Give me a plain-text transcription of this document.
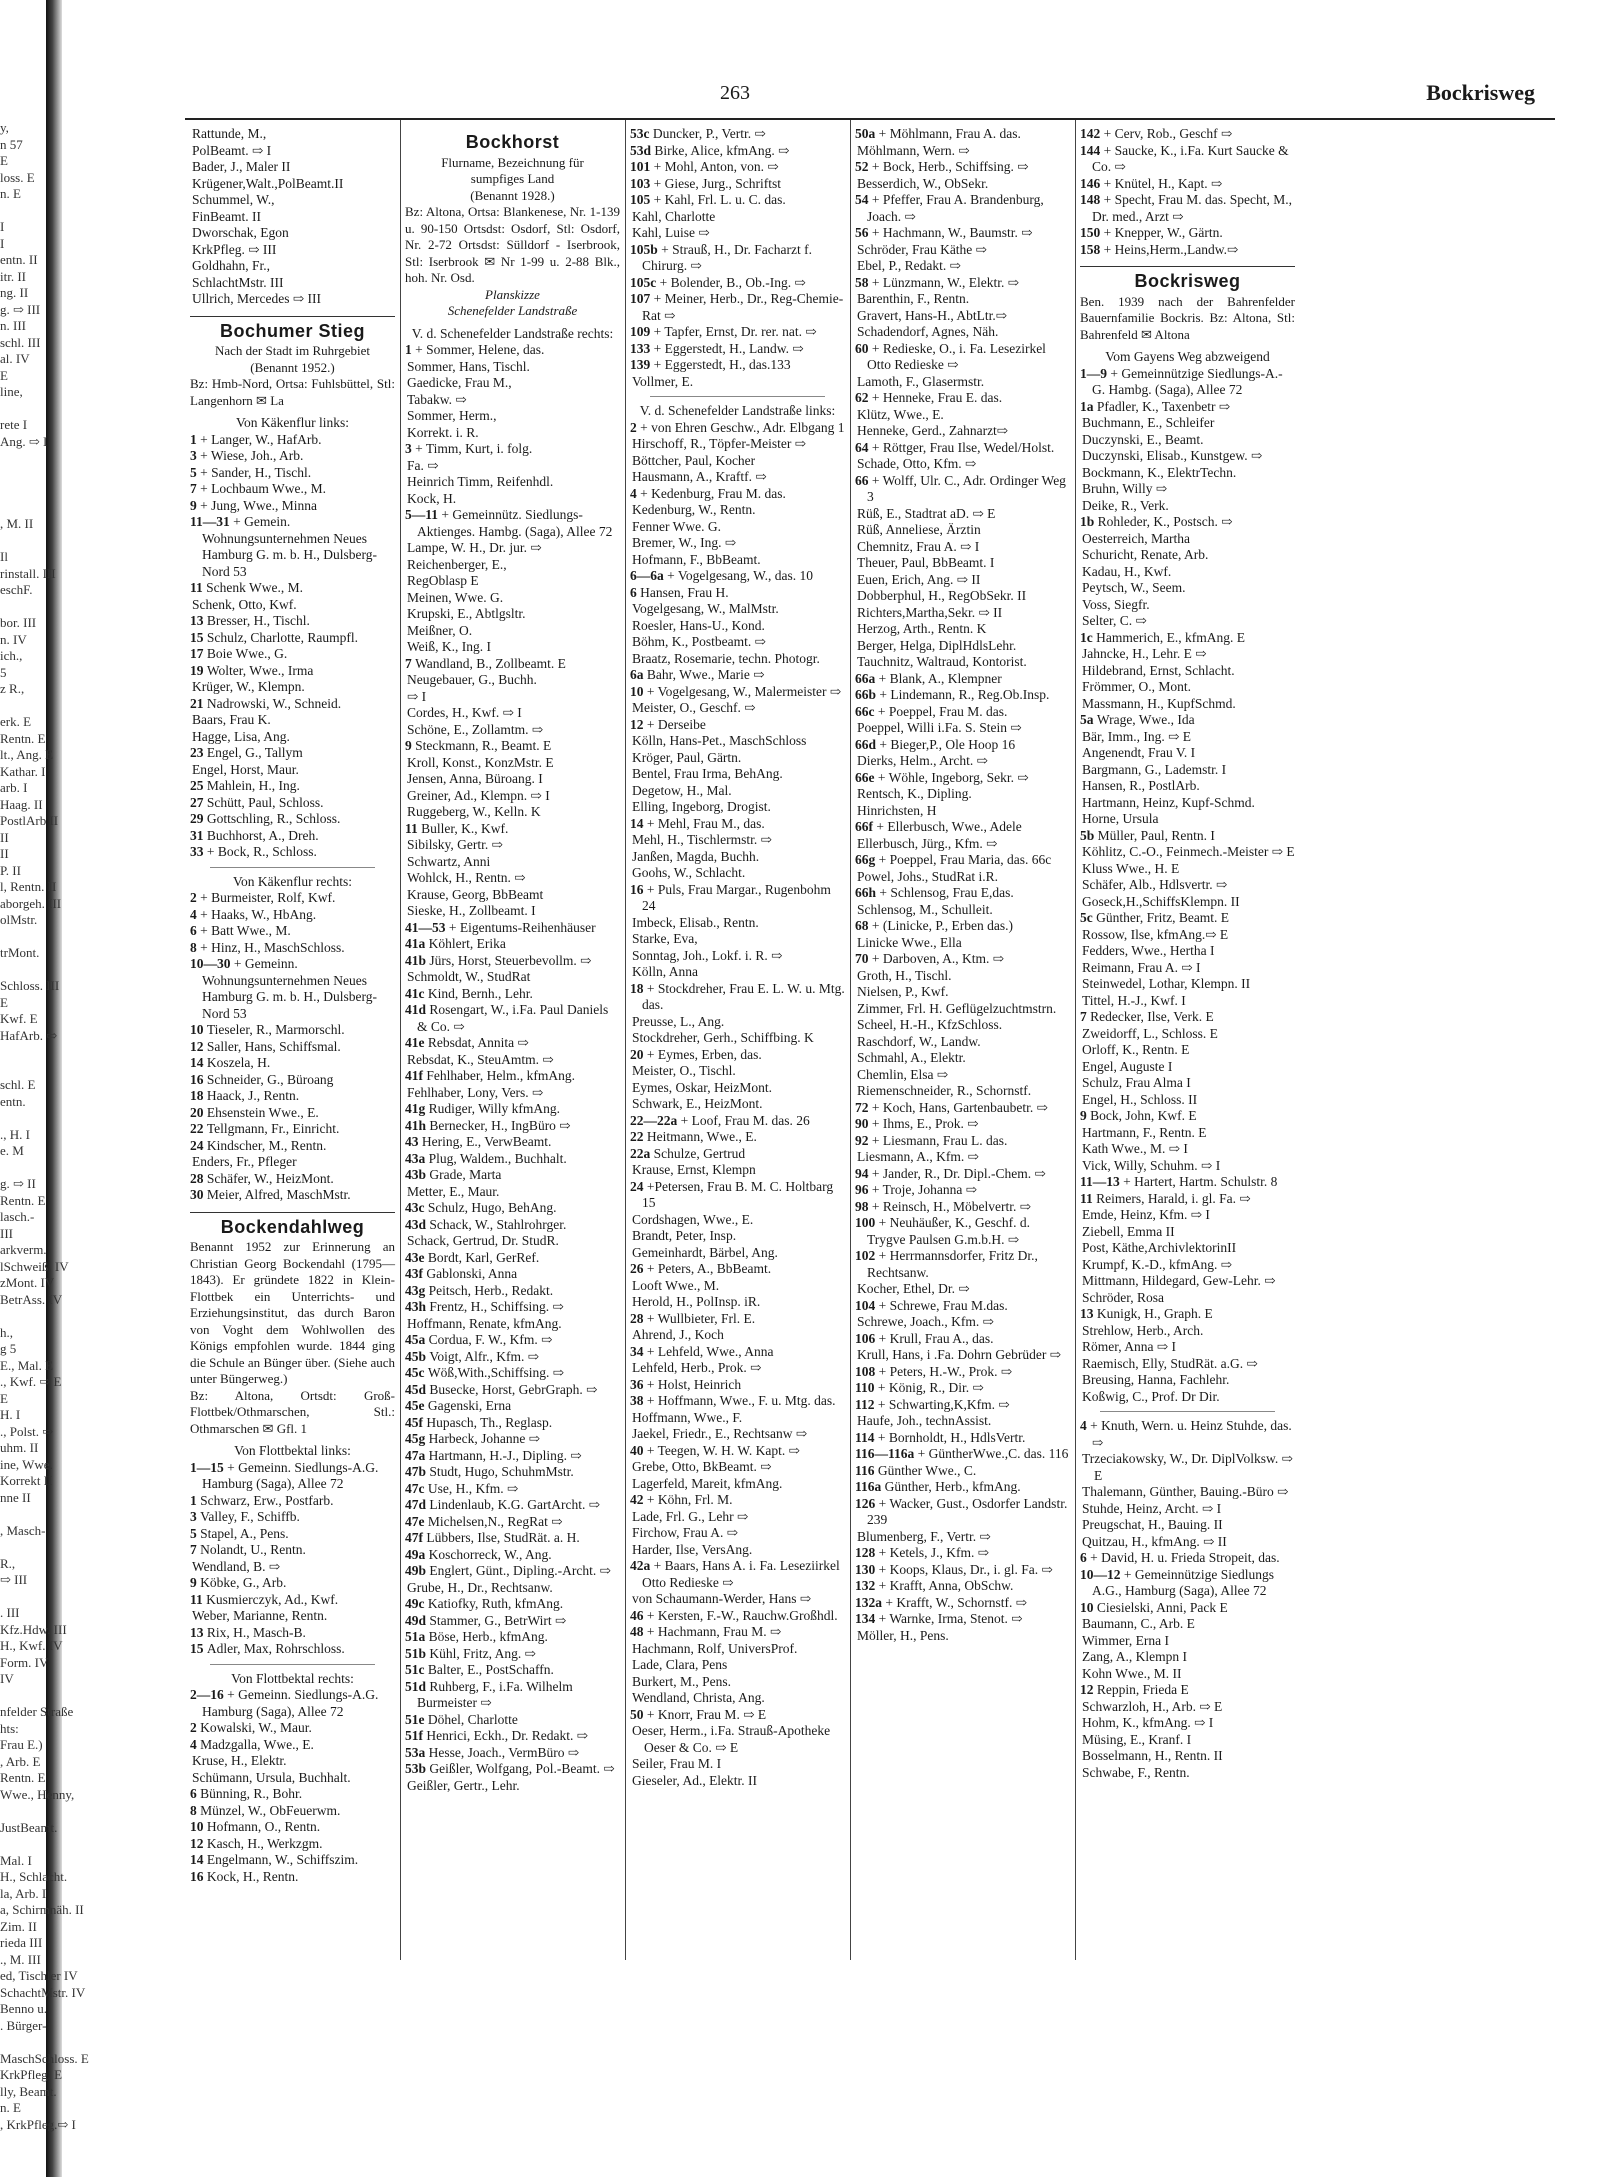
y,
n 57
E
loss. E
n. E

I
I
entn. II
itr. II
ng. II
g. ⇨ III
n. III
schl. III
al. IV
E
line,

rete I
Ang. ⇨ I

, M. II

Il
rinstall. III
eschF.

bor. III
n. IV
ich.,
5
z R.,

erk. E
Rentn. E
lt., Ang. E
Kathar. I
arb. I
Haag. II
PostlArb II
II
II
P. II
l, Rentn. II
aborgeh. III
olMstr.

trMont.

Schloss. III
E
Kwf. E
HafArb. ⇨

schl. E
entn.

., H. I
e. M

g. ⇨ II
Rentn. E
lasch.-
III
arkverm.
lSchweiß. IV
zMont. IV
BetrAss. IV

h.,
g 5
E., Mal. E
., Kwf. ⇨ E
E
H. I
., Polst. ⇨
uhm. II
ine, Wwe.
Korrekt II
nne II

, Masch-

R.,
⇨ III

. III
Kfz.Hdw. III
H., Kwf. IV
Form. IV
IV

nfelder Straße
hts:
Frau E.)
, Arb. E
Rentn. E
Wwe., Henny,

JustBeamt.

Mal. I
H., Schlacht.
la, Arb. I
a, Schirmnäh. II
Zim. II
rieda III
., M. III
ed, Tischler IV
SchachtMstr. IV
Benno u.
. Bürger-

MaschSchloss. E
KrkPfleg. E
lly, Beamt.
n. E
, KrkPfleg.⇨ I
263	Bockrisweg
Rattunde, M.,
PolBeamt. ⇨ I
Bader, J., Maler II
Krügener,Walt.,PolBeamt.II
Schummel, W.,
FinBeamt. II
Dworschak, Egon
KrkPfleg. ⇨ III
Goldhahn, Fr.,
SchlachtMstr. III
Ullrich, Mercedes ⇨ III
Bochumer Stieg
Nach der Stadt im Ruhrgebiet
(Benannt 1952.)
Bz: Hmb-Nord, Ortsa: Fuhlsbüttel, Stl: Langenhorn ✉ La
Von Käkenflur links:
1 + Langer, W., HafArb.
3 + Wiese, Joh., Arb.
5 + Sander, H., Tischl.
7 + Lochbaum Wwe., M.
9 + Jung, Wwe., Minna
11—31 + Gemein. Wohnungsunternehmen Neues Hamburg G. m. b. H., Dulsberg-Nord 53
11 Schenk Wwe., M.
Schenk, Otto, Kwf.
13 Bresser, H., Tischl.
15 Schulz, Charlotte, Raumpfl.
17 Boie Wwe., G.
19 Wolter, Wwe., Irma
Krüger, W., Klempn.
21 Nadrowski, W., Schneid.
Baars, Frau K.
Hagge, Lisa, Ang.
23 Engel, G., Tallym
Engel, Horst, Maur.
25 Mahlein, H., Ing.
27 Schütt, Paul, Schloss.
29 Gottschling, R., Schloss.
31 Buchhorst, A., Dreh.
33 + Bock, R., Schloss.
Von Käkenflur rechts:
2 + Burmeister, Rolf, Kwf.
4 + Haaks, W., HbAng.
6 + Batt Wwe., M.
8 + Hinz, H., MaschSchloss.
10—30 + Gemeinn. Wohnungsunternehmen Neues Hamburg G. m. b. H., Dulsberg-Nord 53
10 Tieseler, R., Marmorschl.
12 Saller, Hans, Schiffsmal.
14 Koszela, H.
16 Schneider, G., Büroang
18 Haack, J., Rentn.
20 Ehsenstein Wwe., E.
22 Tellgmann, Fr., Einricht.
24 Kindscher, M., Rentn.
Enders, Fr., Pfleger
28 Schäfer, W., HeizMont.
30 Meier, Alfred, MaschMstr.
Bockendahlweg
Benannt 1952 zur Erinnerung an Christian Georg Bockendahl (1795—1843). Er gründete 1822 in Klein-Flottbek ein Unterrichts- und Erziehungsinstitut, das durch Baron von Voght dem Wohlwollen des Königs empfohlen wurde. 1844 ging die Schule an Bünger über. (Siehe auch unter Büngerweg.)
Bz: Altona, Ortsdt: Groß-Flottbek/Othmarschen, Stl.: Othmarschen ✉ Gfl. 1
Von Flottbektal links:
1—15 + Gemeinn. Siedlungs-A.G. Hamburg (Saga), Allee 72
1 Schwarz, Erw., Postfarb.
3 Valley, F., Schiffb.
5 Stapel, A., Pens.
7 Nolandt, U., Rentn.
Wendland, B. ⇨
9 Köbke, G., Arb.
11 Kusmierczyk, Ad., Kwf.
Weber, Marianne, Rentn.
13 Rix, H., Masch-B.
15 Adler, Max, Rohrschloss.
Von Flottbektal rechts:
2—16 + Gemeinn. Siedlungs-A.G. Hamburg (Saga), Allee 72
2 Kowalski, W., Maur.
4 Madzgalla, Wwe., E.
Kruse, H., Elektr.
Schümann, Ursula, Buchhalt.
6 Bünning, R., Bohr.
8 Münzel, W., ObFeuerwm.
10 Hofmann, O., Rentn.
12 Kasch, H., Werkzgm.
14 Engelmann, W., Schiffszim.
16 Kock, H., Rentn.
Bockhorst
Flurname, Bezeichnung für
sumpfiges Land
(Benannt 1928.)
Bz: Altona, Ortsa: Blankenese, Nr. 1-139 u. 90-150 Ortsdst: Osdorf, Stl: Osdorf, Nr. 2-72 Ortsdst: Sülldorf - Iserbrook, Stl: Iserbrook ✉ Nr 1-99 u. 2-88 Blk., hoh. Nr. Osd.
Planskizze
Schenefelder Landstraße
V. d. Schenefelder Landstraße rechts:
1 + Sommer, Helene, das.
Sommer, Hans, Tischl.
Gaedicke, Frau M.,
Tabakw. ⇨
Sommer, Herm.,
Korrekt. i. R.
3 + Timm, Kurt, i. folg.
Fa. ⇨
Heinrich Timm, Reifenhdl.
Kock, H.
5—11 + Gemeinnütz. Siedlungs-Aktienges. Hambg. (Saga), Allee 72
Lampe, W. H., Dr. jur. ⇨
Reichenberger, E.,
RegOblasp E
Meinen, Wwe. G.
Krupski, E., Abtlgsltr.
Meißner, O.
Weiß, K., Ing. I
7 Wandland, B., Zollbeamt. E
Neugebauer, G., Buchh.
⇨ I
Cordes, H., Kwf. ⇨ I
Schöne, E., Zollamtm. ⇨
9 Steckmann, R., Beamt. E
Kroll, Konst., KonzMstr. E
Jensen, Anna, Büroang. I
Greiner, Ad., Klempn. ⇨ I
Ruggeberg, W., Kelln. K
11 Buller, K., Kwf.
Sibilsky, Gertr. ⇨
Schwartz, Anni
Wohlck, H., Rentn. ⇨
Krause, Georg, BbBeamt
Sieske, H., Zollbeamt. I
41—53 + Eigentums-Reihenhäuser
41a Köhlert, Erika
41b Jürs, Horst, Steuerbevollm. ⇨
Schmoldt, W., StudRat
41c Kind, Bernh., Lehr.
41d Rosengart, W., i.Fa. Paul Daniels & Co. ⇨
41e Rebsdat, Annita ⇨
Rebsdat, K., SteuAmtm. ⇨
41f Fehlhaber, Helm., kfmAng.
Fehlhaber, Lony, Vers. ⇨
41g Rudiger, Willy kfmAng.
41h Bernecker, H., IngBüro ⇨
43 Hering, E., VerwBeamt.
43a Plug, Waldem., Buchhalt.
43b Grade, Marta
Metter, E., Maur.
43c Schulz, Hugo, BehAng.
43d Schack, W., Stahlrohrger.
Schack, Gertrud, Dr. StudR.
43e Bordt, Karl, GerRef.
43f Gablonski, Anna
43g Peitsch, Herb., Redakt.
43h Frentz, H., Schiffsing. ⇨
Hoffmann, Renate, kfmAng.
45a Cordua, F. W., Kfm. ⇨
45b Voigt, Alfr., Kfm. ⇨
45c Wöß,With.,Schiffsing. ⇨
45d Busecke, Horst, GebrGraph. ⇨
45e Gagenski, Erna
45f Hupasch, Th., Reglasp.
45g Harbeck, Johanne ⇨
47a Hartmann, H.-J., Dipling. ⇨
47b Studt, Hugo, SchuhmMstr.
47c Use, H., Kfm. ⇨
47d Lindenlaub, K.G. GartArcht. ⇨
47e Michelsen,N., RegRat ⇨
47f Lübbers, Ilse, StudRät. a. H.
49a Koschorreck, W., Ang.
49b Englert, Günt., Dipling.-Archt. ⇨
Grube, H., Dr., Rechtsanw.
49c Katiofky, Ruth, kfmAng.
49d Stammer, G., BetrWirt ⇨
51a Böse, Herb., kfmAng.
51b Kühl, Fritz, Ang. ⇨
51c Balter, E., PostSchaffn.
51d Ruhberg, F., i.Fa. Wilhelm Burmeister ⇨
51e Döhel, Charlotte
51f Henrici, Eckh., Dr. Redakt. ⇨
53a Hesse, Joach., VermBüro ⇨
53b Geißler, Wolfgang, Pol.-Beamt. ⇨
Geißler, Gertr., Lehr.
53c Duncker, P., Vertr. ⇨
53d Birke, Alice, kfmAng. ⇨
101 + Mohl, Anton, von. ⇨
103 + Giese, Jurg., Schriftst
105 + Kahl, Frl. L. u. C. das.
Kahl, Charlotte
Kahl, Luise ⇨
105b + Strauß, H., Dr. Facharzt f. Chirurg. ⇨
105c + Bolender, B., Ob.-Ing. ⇨
107 + Meiner, Herb., Dr., Reg-Chemie-Rat ⇨
109 + Tapfer, Ernst, Dr. rer. nat. ⇨
133 + Eggerstedt, H., Landw. ⇨
139 + Eggerstedt, H., das.133
Vollmer, E.
V. d. Schenefelder Landstraße links:
2 + von Ehren Geschw., Adr. Elbgang 1
Hirschoff, R., Töpfer-Meister ⇨
Böttcher, Paul, Kocher
Hausmann, A., Kraftf. ⇨
4 + Kedenburg, Frau M. das.
Kedenburg, W., Rentn.
Fenner Wwe. G.
Bremer, W., Ing. ⇨
Hofmann, F., BbBeamt.
6—6a + Vogelgesang, W., das. 10
6 Hansen, Frau H.
Vogelgesang, W., MalMstr.
Roesler, Hans-U., Kond.
Böhm, K., Postbeamt. ⇨
Braatz, Rosemarie, techn. Photogr.
6a Bahr, Wwe., Marie ⇨
10 + Vogelgesang, W., Malermeister ⇨
Meister, O., Geschf. ⇨
12 + Derseibe
Kölln, Hans-Pet., MaschSchloss
Kröger, Paul, Gärtn.
Bentel, Frau Irma, BehAng.
Degetow, H., Mal.
Elling, Ingeborg, Drogist.
14 + Mehl, Frau M., das.
Mehl, H., Tischlermstr. ⇨
Janßen, Magda, Buchh.
Goohs, W., Schlacht.
16 + Puls, Frau Margar., Rugenbohm 24
Imbeck, Elisab., Rentn.
Starke, Eva,
Sonntag, Joh., Lokf. i. R. ⇨
Kölln, Anna
18 + Stockdreher, Frau E. L. W. u. Mtg. das.
Preusse, L., Ang.
Stockdreher, Gerh., Schiffbing. K
20 + Eymes, Erben, das.
Meister, O., Tischl.
Eymes, Oskar, HeizMont.
Schwark, E., HeizMont.
22—22a + Loof, Frau M. das. 26
22 Heitmann, Wwe., E.
22a Schulze, Gertrud
Krause, Ernst, Klempn
24 +Petersen, Frau B. M. C. Holtbarg 15
Cordshagen, Wwe., E.
Brandt, Peter, Insp.
Gemeinhardt, Bärbel, Ang.
26 + Peters, A., BbBeamt.
Looft Wwe., M.
Herold, H., PolInsp. iR.
28 + Wullbieter, Frl. E.
Ahrend, J., Koch
34 + Lehfeld, Wwe., Anna
Lehfeld, Herb., Prok. ⇨
36 + Holst, Heinrich
38 + Hoffmann, Wwe., F. u. Mtg. das.
Hoffmann, Wwe., F.
Jaekel, Friedr., E., Rechtsanw ⇨
40 + Teegen, W. H. W. Kapt. ⇨
Grebe, Otto, BkBeamt. ⇨
Lagerfeld, Mareit, kfmAng.
42 + Köhn, Frl. M.
Lade, Frl. G., Lehr ⇨
Firchow, Frau A. ⇨
Harder, Ilse, VersAng.
42a + Baars, Hans A. i. Fa. Leseziirkel Otto Redieske ⇨
von Schaumann-Werder, Hans ⇨
46 + Kersten, F.-W., Rauchw.Großhdl.
48 + Hachmann, Frau M. ⇨
Hachmann, Rolf, UniversProf.
Lade, Clara, Pens
Burkert, M., Pens.
Wendland, Christa, Ang.
50 + Knorr, Frau M. ⇨ E
Oeser, Herm., i.Fa. Strauß-Apotheke Oeser & Co. ⇨ E
Seiler, Frau M. I
Gieseler, Ad., Elektr. II
50a + Möhlmann, Frau A. das.
Möhlmann, Wern. ⇨
52 + Bock, Herb., Schiffsing. ⇨
Besserdich, W., ObSekr.
54 + Pfeffer, Frau A. Brandenburg, Joach. ⇨
56 + Hachmann, W., Baumstr. ⇨
Schröder, Frau Käthe ⇨
Ebel, P., Redakt. ⇨
58 + Lünzmann, W., Elektr. ⇨
Barenthin, F., Rentn.
Gravert, Hans-H., AbtLtr.⇨
Schadendorf, Agnes, Näh.
60 + Redieske, O., i. Fa. Lesezirkel Otto Redieske ⇨
Lamoth, F., Glasermstr.
62 + Henneke, Frau E. das.
Klütz, Wwe., E.
Henneke, Gerd., Zahnarzt⇨
64 + Röttger, Frau Ilse, Wedel/Holst.
Schade, Otto, Kfm. ⇨
66 + Wolff, Ulr. C., Adr. Ordinger Weg 3
Rüß, E., Stadtrat aD. ⇨ E
Rüß, Anneliese, Ärztin
Chemnitz, Frau A. ⇨ I
Theuer, Paul, BbBeamt. I
Euen, Erich, Ang. ⇨ II
Dobberphul, H., RegObSekr. II
Richters,Martha,Sekr. ⇨ II
Herzog, Arth., Rentn. K
Berger, Helga, DiplHdlsLehr.
Tauchnitz, Waltraud, Kontorist.
66a + Blank, A., Klempner
66b + Lindemann, R., Reg.Ob.Insp.
66c + Poeppel, Frau M. das.
Poeppel, Willi i.Fa. S. Stein ⇨
66d + Bieger,P., Ole Hoop 16
Dierks, Helm., Archt. ⇨
66e + Wöhle, Ingeborg, Sekr. ⇨
Rentsch, K., Dipling.
Hinrichsten, H
66f + Ellerbusch, Wwe., Adele
Ellerbusch, Jürg., Kfm. ⇨
66g + Poeppel, Frau Maria, das. 66c
Powel, Johs., StudRat i.R.
66h + Schlensog, Frau E,das.
Schlensog, M., Schulleit.
68 + (Linicke, P., Erben das.)
Linicke Wwe., Ella
70 + Darboven, A., Ktm. ⇨
Groth, H., Tischl.
Nielsen, P., Kwf.
Zimmer, Frl. H. Geflügelzuchtmstrn.
Scheel, H.-H., KfzSchloss.
Raschdorf, W., Landw.
Schmahl, A., Elektr.
Chemlin, Elsa ⇨
Riemenschneider, R., Schornstf.
72 + Koch, Hans, Gartenbaubetr. ⇨
90 + Ihms, E., Prok. ⇨
92 + Liesmann, Frau L. das.
Liesmann, A., Kfm. ⇨
94 + Jander, R., Dr. Dipl.-Chem. ⇨
96 + Troje, Johanna ⇨
98 + Reinsch, H., Möbelvertr. ⇨
100 + Neuhäußer, K., Geschf. d. Trygve Paulsen G.m.b.H. ⇨
102 + Herrmannsdorfer, Fritz Dr., Rechtsanw.
Kocher, Ethel, Dr. ⇨
104 + Schrewe, Frau M.das.
Schrewe, Joach., Kfm. ⇨
106 + Krull, Frau A., das.
Krull, Hans, i .Fa. Dohrn Gebrüder ⇨
108 + Peters, H.-W., Prok. ⇨
110 + König, R., Dir. ⇨
112 + Schwarting,K,Kfm. ⇨
Haufe, Joh., technAssist.
114 + Bornholdt, H., HdlsVertr.
116—116a + GüntherWwe.,C. das. 116
116 Günther Wwe., C.
116a Günther, Herb., kfmAng.
126 + Wacker, Gust., Osdorfer Landstr. 239
Blumenberg, F., Vertr. ⇨
128 + Ketels, J., Kfm. ⇨
130 + Koops, Klaus, Dr., i. gl. Fa. ⇨
132 + Krafft, Anna, ObSchw.
132a + Krafft, W., Schornstf. ⇨
134 + Warnke, Irma, Stenot. ⇨
Möller, H., Pens.
142 + Cerv, Rob., Geschf ⇨
144 + Saucke, K., i.Fa. Kurt Saucke & Co. ⇨
146 + Knütel, H., Kapt. ⇨
148 + Specht, Frau M. das. Specht, M., Dr. med., Arzt ⇨
150 + Knepper, W., Gärtn.
158 + Heins,Herm.,Landw.⇨
Bockrisweg
Ben. 1939 nach der Bahrenfelder Bauernfamilie Bockris. Bz: Altona, Stl: Bahrenfeld ✉ Altona
Vom Gayens Weg abzweigend
1—9 + Gemeinnützige Siedlungs-A.-G. Hambg. (Saga), Allee 72
1a Pfadler, K., Taxenbetr ⇨
Buchmann, E., Schleifer
Duczynski, E., Beamt.
Duczynski, Elisab., Kunstgew. ⇨
Bockmann, K., ElektrTechn.
Bruhn, Willy ⇨
Deike, R., Verk.
1b Rohleder, K., Postsch. ⇨
Oesterreich, Martha
Schuricht, Renate, Arb.
Kadau, H., Kwf.
Peytsch, W., Seem.
Voss, Siegfr.
Selter, C. ⇨
1c Hammerich, E., kfmAng. E
Jahncke, H., Lehr. E ⇨
Hildebrand, Ernst, Schlacht.
Frömmer, O., Mont.
Massmann, H., KupfSchmd.
5a Wrage, Wwe., Ida
Bär, Imm., Ing. ⇨ E
Angenendt, Frau V. I
Bargmann, G., Lademstr. I
Hansen, R., PostlArb.
Hartmann, Heinz, Kupf-Schmd.
Horne, Ursula
5b Müller, Paul, Rentn. I
Köhlitz, C.-O., Feinmech.-Meister ⇨ E
Kluss Wwe., H. E
Schäfer, Alb., Hdlsvertr. ⇨
Goseck,H.,SchiffsKlempn. II
5c Günther, Fritz, Beamt. E
Rossow, Ilse, kfmAng.⇨ E
Fedders, Wwe., Hertha I
Reimann, Frau A. ⇨ I
Steinwedel, Lothar, Klempn. II
Tittel, H.-J., Kwf. I
7 Redecker, Ilse, Verk. E
Zweidorff, L., Schloss. E
Orloff, K., Rentn. E
Engel, Auguste I
Schulz, Frau Alma I
Engel, H., Schloss. II
9 Bock, John, Kwf. E
Hartmann, F., Rentn. E
Kath Wwe., M. ⇨ I
Vick, Willy, Schuhm. ⇨ I
11—13 + Hartert, Hartm. Schulstr. 8
11 Reimers, Harald, i. gl. Fa. ⇨
Emde, Heinz, Kfm. ⇨ I
Ziebell, Emma II
Post, Käthe,ArchivlektorinII
Krumpf, K.-D., kfmAng. ⇨
Mittmann, Hildegard, Gew-Lehr. ⇨
Schröder, Rosa
13 Kunigk, H., Graph. E
Strehlow, Herb., Arch.
Römer, Anna ⇨ I
Raemisch, Elly, StudRät. a.G. ⇨
Breusing, Hanna, Fachlehr.
Koßwig, C., Prof. Dr Dir.
4 + Knuth, Wern. u. Heinz Stuhde, das. ⇨
Trzeciakowsky, W., Dr. DiplVolksw. ⇨ E
Thalemann, Günther, Bauing.-Büro ⇨
Stuhde, Heinz, Archt. ⇨ I
Preugschat, H., Bauing. II
Quitzau, H., kfmAng. ⇨ II
6 + David, H. u. Frieda Stropeit, das.
10—12 + Gemeinnützige Siedlungs A.G., Hamburg (Saga), Allee 72
10 Ciesielski, Anni, Pack E
Baumann, C., Arb. E
Wimmer, Erna I
Zang, A., Klempn I
Kohn Wwe., M. II
12 Reppin, Frieda E
Schwarzloh, H., Arb. ⇨ E
Hohm, K., kfmAng. ⇨ I
Müsing, E., Kranf. I
Bosselmann, H., Rentn. II
Schwabe, F., Rentn.
